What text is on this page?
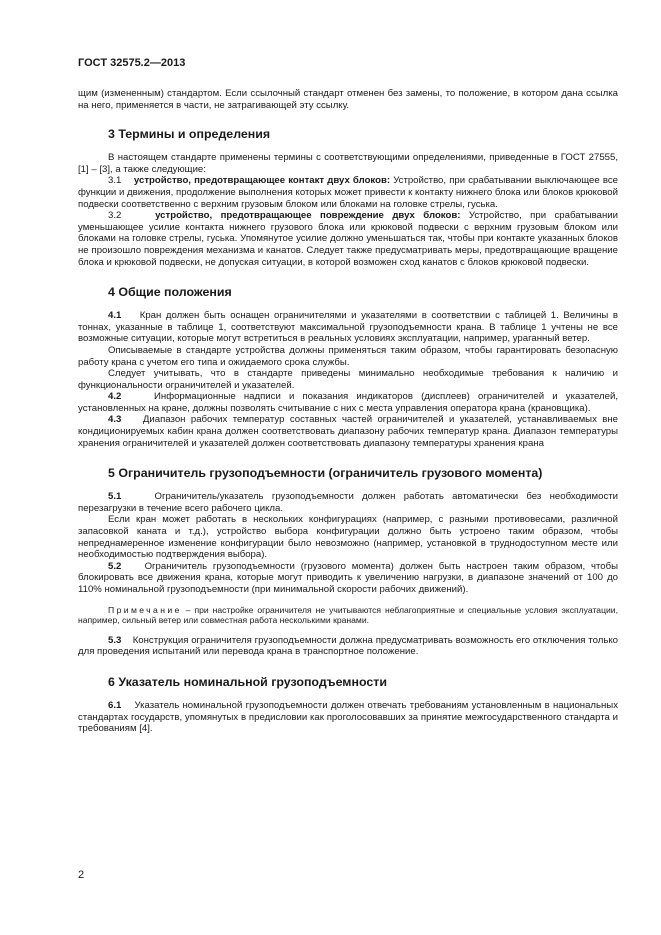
ГОСТ 32575.2—2013

щим (измененным) стандартом. Если ссылочный стандарт отменен без замены, то положение, в котором дана ссылка на него, применяется в части, не затрагивающей эту ссылку.

3 Термины и определения

В настоящем стандарте применены термины с соответствующими определениями, приведенные в ГОСТ 27555, [1] – [3], а также следующие:

3.1 устройство, предотвращающее контакт двух блоков: Устройство, при срабатывании выключающее все функции и движения, продолжение выполнения которых может привести к контакту нижнего блока или блоков крюковой подвески соответственно с верхним грузовым блоком или блоками на головке стрелы, гуська.

3.2	устройство, предотвращающее повреждение двух блоков: Устройство, при срабатывании уменьшающее усилие контакта нижнего грузового блока или крюковой подвески с верхним грузовым блоком или блоками на головке стрелы, гуська. Упомянутое усилие должно уменьшаться так, чтобы при контакте указанных блоков не произошло повреждения механизма и канатов. Следует также предусматривать меры, предотвращающие вращение блока и крюковой подвески, не допуская ситуации, в которой возможен сход канатов с блоков крюковой подвески.

4 Общие положения

4.1 Кран должен быть оснащен ограничителями и указателями в соответствии с таблицей 1. Величины в тоннах, указанные в таблице 1, соответствуют максимальной грузоподъемности крана. В таблице 1 учтены не все возможные ситуации, которые могут встретиться в реальных условиях эксплуатации, например, ураганный ветер.

Описываемые в стандарте устройства должны применяться таким образом, чтобы гарантировать безопасную работу крана с учетом его типа и ожидаемого срока службы.

Следует учитывать, что в стандарте приведены минимально необходимые требования к наличию и функциональности ограничителей и указателей.

4.2	Информационные надписи и показания индикаторов (дисплеев) ограничителей и указателей, установленных на кране, должны позволять считывание с них с места управления оператора крана (крановщика).

4.3 Диапазон рабочих температур составных частей ограничителей и указателей, устанавливаемых вне кондиционируемых кабин крана должен соответствовать диапазону рабочих температур крана. Диапазон температуры хранения ограничителей и указателей должен соответствовать диапазону температуры хранения крана

5 Ограничитель грузоподъемности (ограничитель грузового момента)

5.1	Ограничитель/указатель грузоподъемности должен работать автоматически без необходимости перезагрузки в течение всего рабочего цикла.

Если кран может работать в нескольких конфигурациях (например, с разными противовесами, различной запасовкой каната и т.д.), устройство выбора конфигурации должно быть устроено таким образом, чтобы непреднамеренное изменение конфигурации было невозможно (например, установкой в труднодоступном месте или необходимостью подтверждения выбора).

5.2 Ограничитель грузоподъемности (грузового момента) должен быть настроен таким образом, чтобы блокировать все движения крана, которые могут приводить к увеличению нагрузки, в диапазоне значений от 100 до 110% номинальной грузоподъемности (при минимальной скорости рабочих движений).

Примечание – при настройке ограничителя не учитываются неблагоприятные и специальные условия эксплуатации, например, сильный ветер или совместная работа несколькими кранами.

5.3 Конструкция ограничителя грузоподъемности должна предусматривать возможность его отключения только для проведения испытаний или перевода крана в транспортное положение.

6 Указатель номинальной грузоподъемности

6.1 Указатель номинальной грузоподъемности должен отвечать требованиям установленным в национальных стандартах государств, упомянутых в предисловии как проголосовавших за принятие межгосударственного стандарта и требованиям [4].

2
